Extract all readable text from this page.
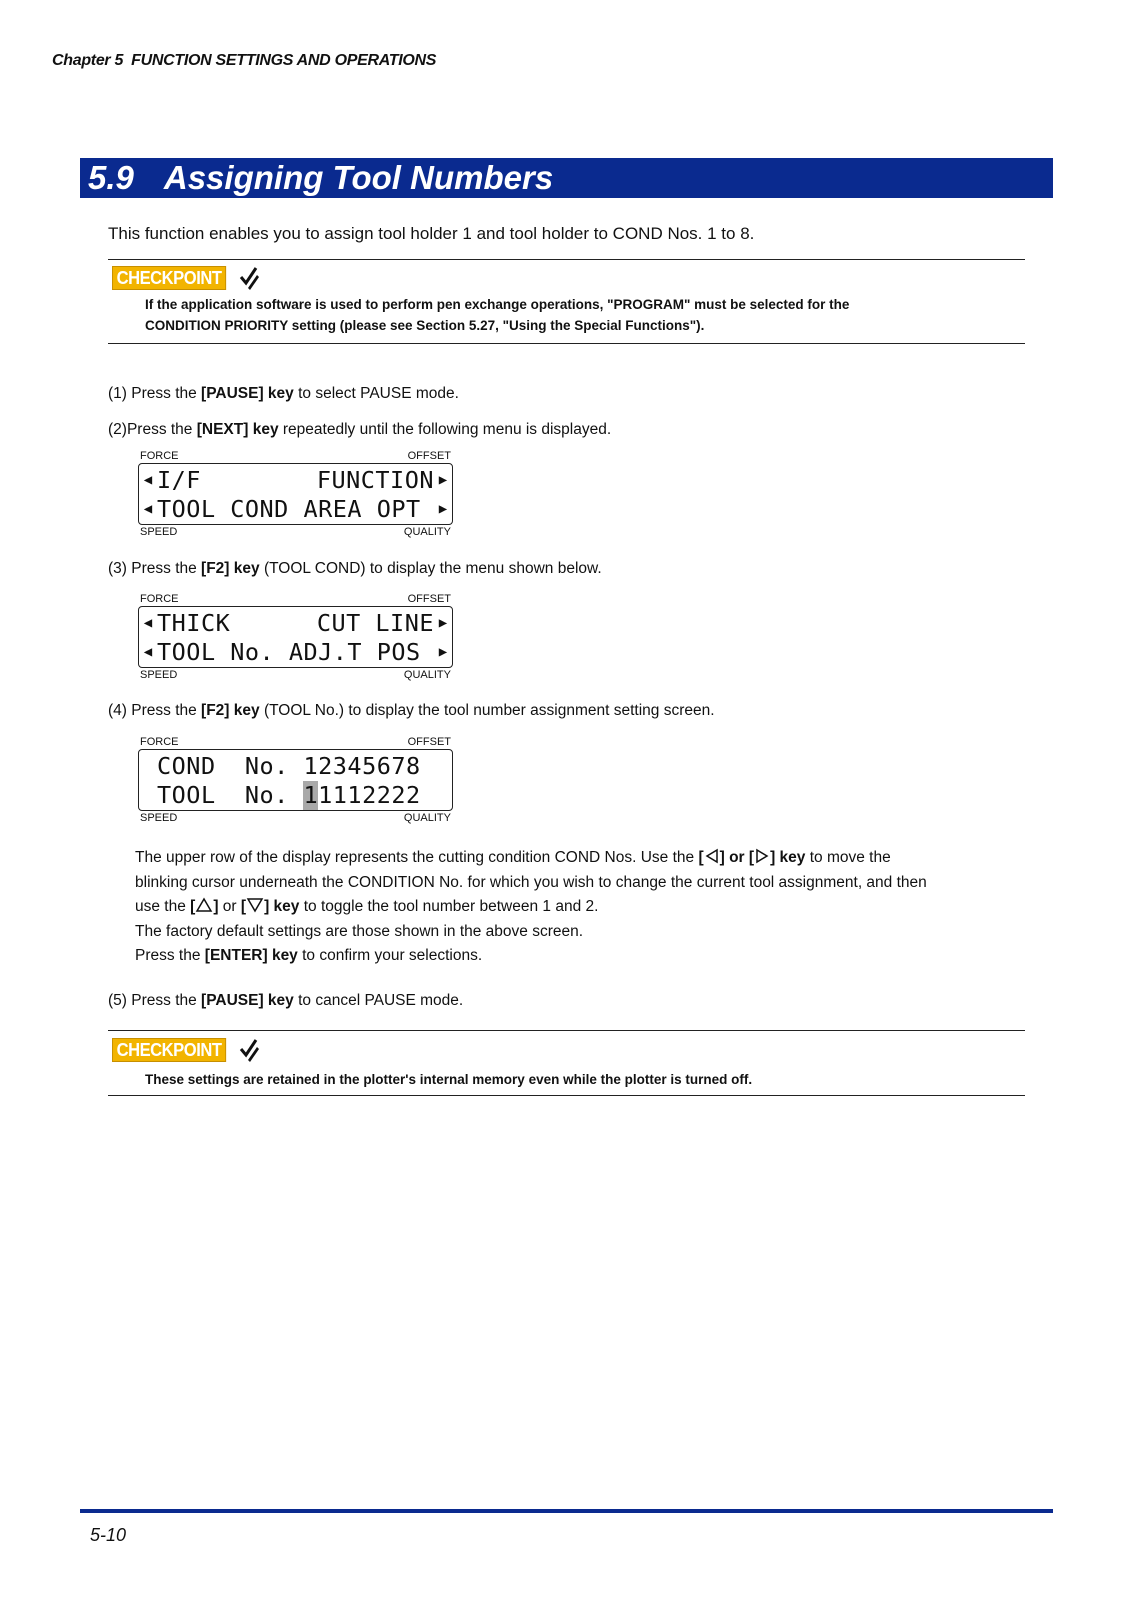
Chapter 5 FUNCTION SETTINGS AND OPERATIONS
5.9 Assigning Tool Numbers
This function enables you to assign tool holder 1 and tool holder to COND Nos. 1 to 8.
CHECKPOINT
If the application software is used to perform pen exchange operations, "PROGRAM" must be selected for the
CONDITION PRIORITY setting (please see Section 5.27, "Using the Special Functions").
(1) Press the [PAUSE] key to select PAUSE mode.
(2)Press the [NEXT] key repeatedly until the following menu is displayed.
FORCE	OFFSET
◀ I/F	FUNCTION ▶
◀ TOOL COND AREA OPT	▶
SPEED	QUALITY
(3) Press the [F2] key (TOOL COND) to display the menu shown below.
FORCE	OFFSET
◀ THICK	CUT LINE ▶
◀ TOOL No. ADJ.T POS	▶
SPEED	QUALITY
(4) Press the [F2] key (TOOL No.) to display the tool number assignment setting screen.
FORCE	OFFSET
COND  No. 12345678
TOOL  No. 1 1112222
SPEED	QUALITY
The upper row of the display represents the cutting condition COND Nos. Use the [ ] or [ ] key to move the
blinking cursor underneath the CONDITION No. for which you wish to change the current tool assignment, and then
use the [ ] or [ ] key to toggle the tool number between 1 and 2.
The factory default settings are those shown in the above screen.
Press the [ENTER] key to confirm your selections.
(5) Press the [PAUSE] key to cancel PAUSE mode.
CHECKPOINT
These settings are retained in the plotter's internal memory even while the plotter is turned off.
5-10
